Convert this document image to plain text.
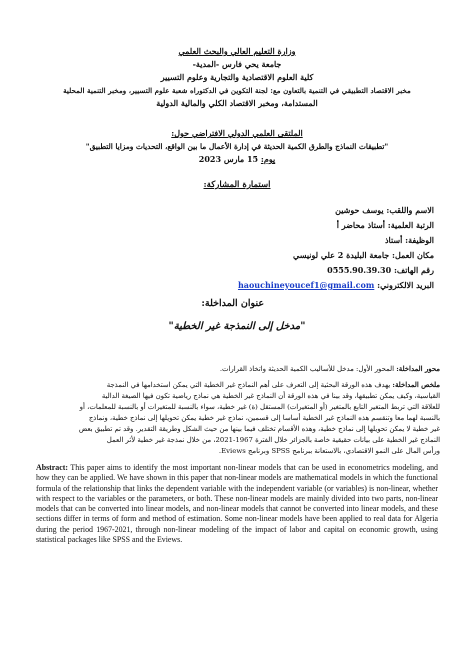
وزارة التعليم العالي والبحث العلمي
جامعة يحي فارس -المدية-
كلية العلوم الاقتصادية والتجارية وعلوم التسيير
مخبر الاقتصاد التطبيقي في التنمية بالتعاون مع: لجنة التكوين في الدكتوراه شعبة علوم التسيير، ومخبر التنمية المحلية
المستدامة، ومخبر الاقتصاد الكلي والمالية الدولية
الملتقى العلمي الدولي الافتراضي حول:
"تطبيقات النماذج والطرق الكمية الحديثة في إدارة الأعمال ما بين الواقع، التحديات ومزايا التطبيق"
يوم: 15 مارس 2023
استمارة المشاركة:
الاسم واللقب: يوسف حوشين
الرتبة العلمية: أستاذ محاضر أ
الوظيفة: أستاذ
مكان العمل: جامعة البليدة 2 علي لونيسي
رقم الهاتف: 0555.90.39.30
البريد الالكتروني: haouchineyoucef1@gmail.com
عنوان المداخلة:
"مدخل إلى النمذجة غير الخطية"
محور المداخلة: المحور الأول: مدخل للأساليب الكمية الحديثة واتخاذ القرارات.
ملخص المداخلة: يهدف هذه الورقة البحثية إلى التعرف على أهم النماذج غير الخطية التي يمكن استخدامها في النمذجة
القياسية، وكيف يمكن تطبيقها، وقد بينا في هذه الورقة أن النماذج غير الخطية هي نماذج رياضية تكون فيها الصيغة الدالية
للعلاقة التي تربط المتغير التابع بالمتغير (أو المتغيرات) المستقل (ة) غير خطية، سواء بالنسبة للمتغيرات أو بالنسبة للمعلمات، أو
بالنسبة لهما معا وتنقسم هذه النماذج غير الخطية أساسا إلى قسمين، نماذج غير خطية يمكن تحويلها إلى نماذج خطية، ونماذج
غير خطية لا يمكن تحويلها إلى نماذج خطية، وهذه الأقسام تختلف فيما بينها من حيث الشكل وطريقة التقدير. وقد تم تطبيق بعض
النماذج غير الخطية على بيانات حقيقية خاصة بالجزائر خلال الفترة 1967-2021، من خلال نمذجة غير خطية لأثر العمل
ورأس المال على النمو الاقتصادي، بالاستعانة ببرنامج SPSS وبرنامج Eviews.
Abstract: This paper aims to identify the most important non-linear models that can be used in econometrics modeling, and how they can be applied. We have shown in this paper that non-linear models are mathematical models in which the functional formula of the relationship that links the dependent variable with the independent variable (or variables) is non-linear, whether with respect to the variables or the parameters, or both. These non-linear models are mainly divided into two parts, non-linear models that can be converted into linear models, and non-linear models that cannot be converted into linear models, and these sections differ in terms of form and method of estimation. Some non-linear models have been applied to real data for Algeria during the period 1967-2021, through non-linear modeling of the impact of labor and capital on economic growth, using statistical packages like SPSS and the Eviews.
